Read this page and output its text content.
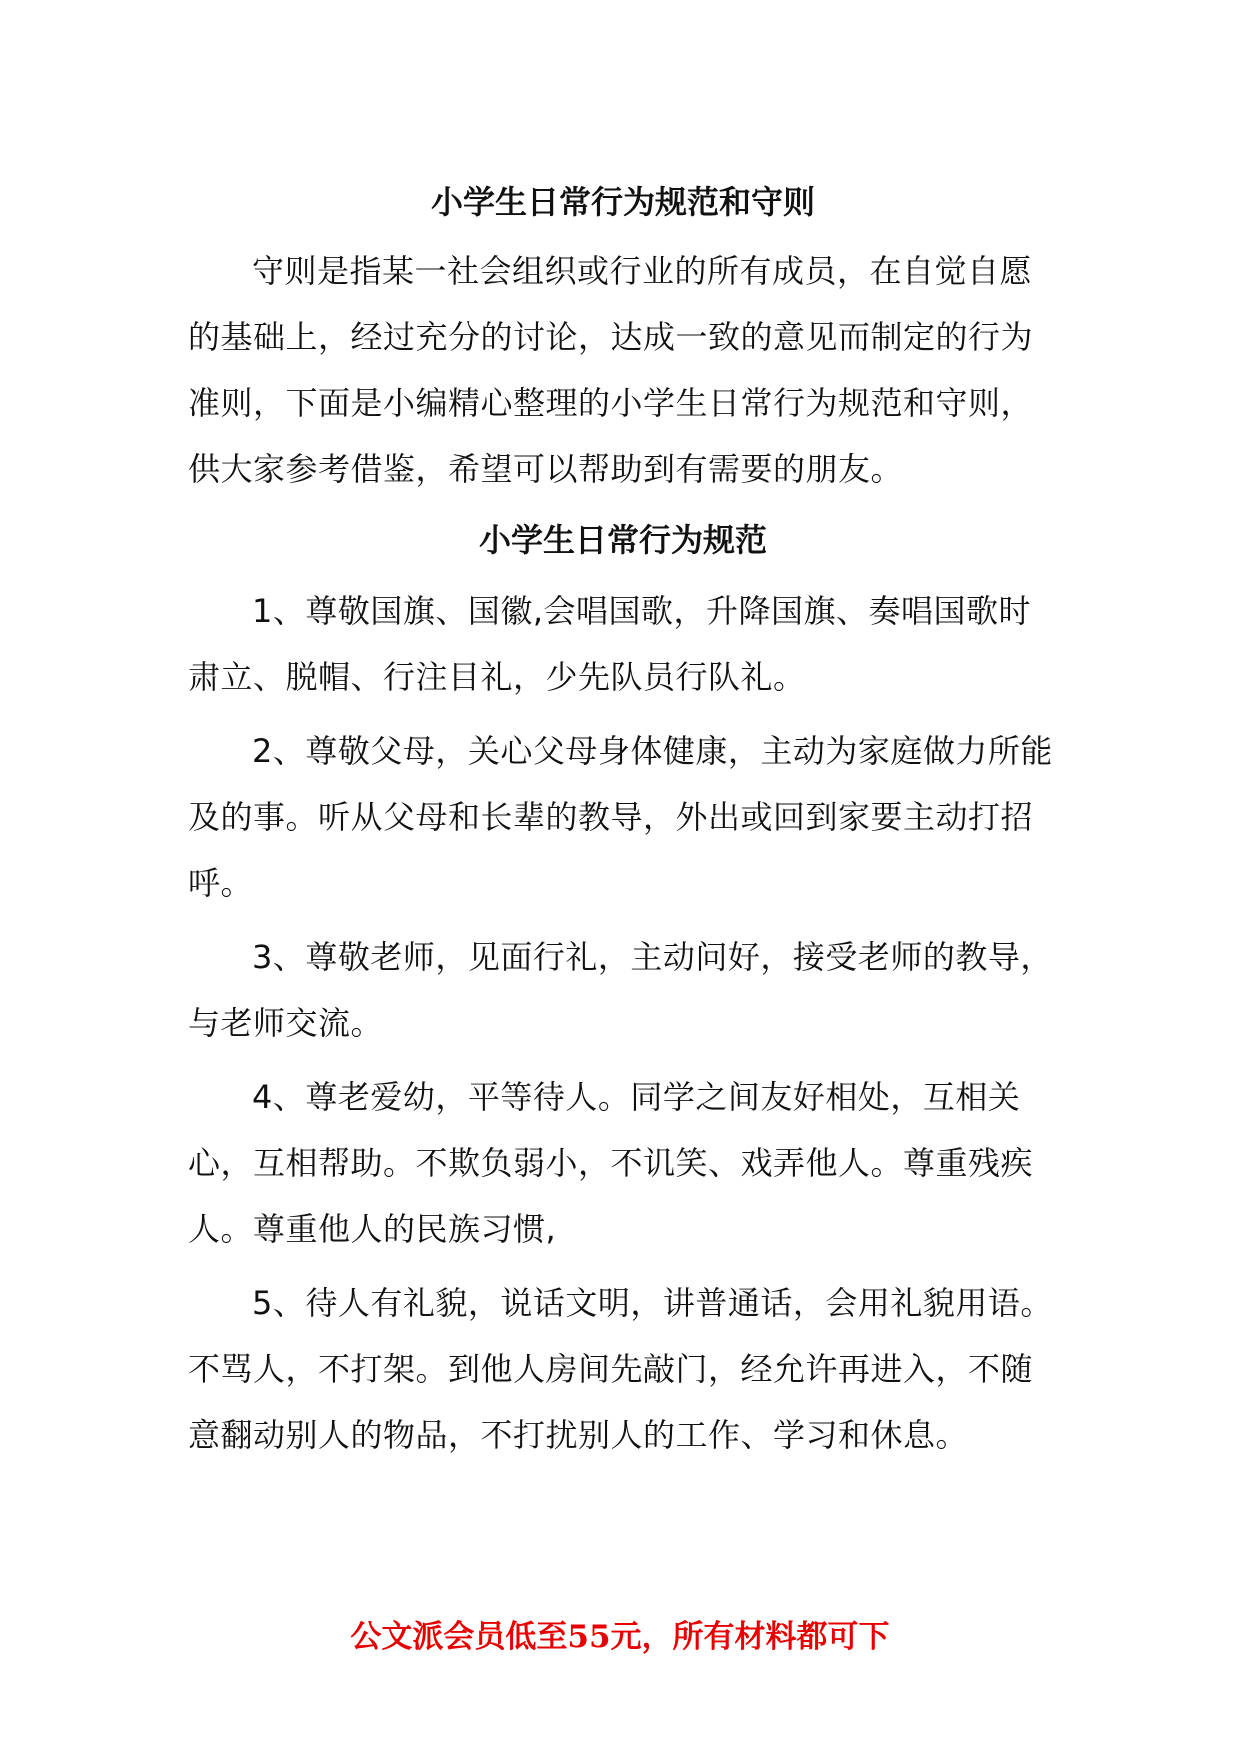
小学生日常行为规范和守则

守则是指某一社会组织或行业的所有成员，在自觉自愿的基础上，经过充分的讨论，达成一致的意见而制定的行为准则，下面是小编精心整理的小学生日常行为规范和守则，供大家参考借鉴，希望可以帮助到有需要的朋友。

小学生日常行为规范

1、尊敬国旗、国徽,会唱国歌，升降国旗、奏唱国歌时肃立、脱帽、行注目礼，少先队员行队礼。

2、尊敬父母，关心父母身体健康，主动为家庭做力所能及的事。听从父母和长辈的教导，外出或回到家要主动打招呼。

3、尊敬老师，见面行礼，主动问好，接受老师的教导，与老师交流。

4、尊老爱幼，平等待人。同学之间友好相处，互相关心，互相帮助。不欺负弱小，不讥笑、戏弄他人。尊重残疾人。尊重他人的民族习惯,

5、待人有礼貌，说话文明，讲普通话，会用礼貌用语。不骂人，不打架。到他人房间先敲门，经允许再进入，不随意翻动别人的物品，不打扰别人的工作、学习和休息。

公文派会员低至55元，所有材料都可下
